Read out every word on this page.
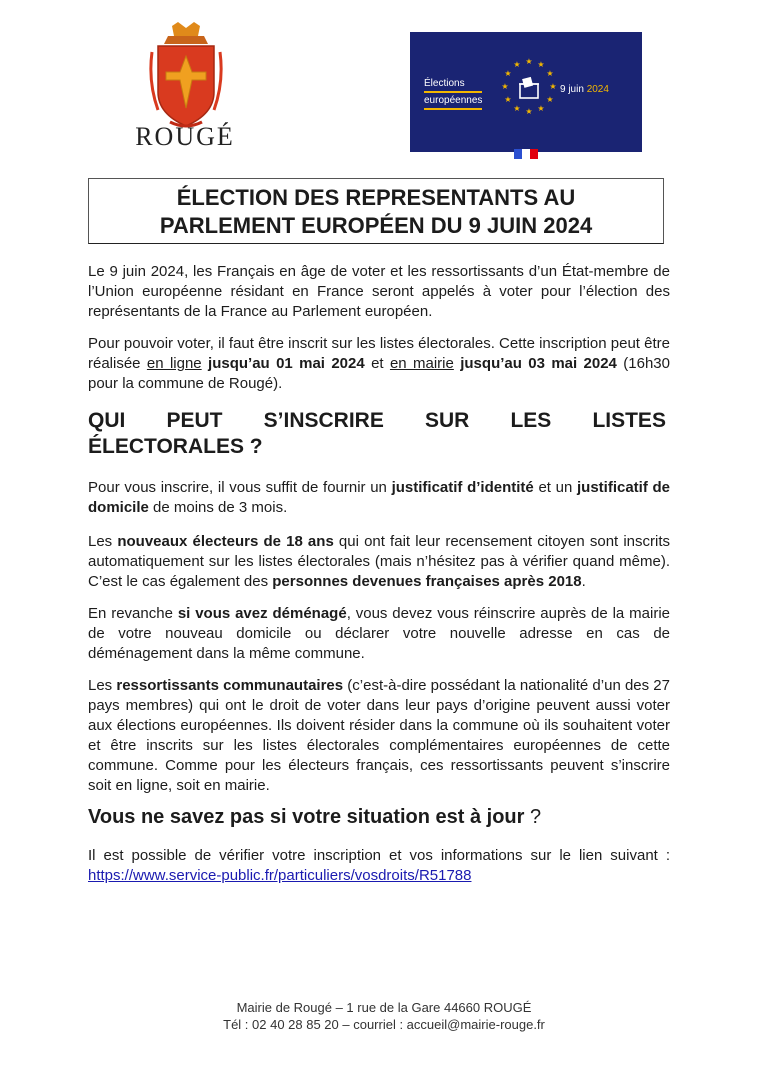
ROUGÉ
Élections
européennes
★ ★
★
★
★
★
★
★
★
★
★
★
9 juin 2024
ÉLECTION DES REPRESENTANTS AU
PARLEMENT EUROPÉEN DU 9 JUIN 2024
Le 9 juin 2024, les Français en âge de voter et les ressortissants d’un État-membre de l’Union européenne résidant en France seront appelés à voter pour l’élection des représentants de la France au Parlement européen.
Pour pouvoir voter, il faut être inscrit sur les listes électorales. Cette inscription peut être réalisée en ligne jusqu’au 01 mai 2024 et en mairie jusqu’au 03 mai 2024 (16h30 pour la commune de Rougé).
QUI PEUT S’INSCRIRE SUR LES LISTES
ÉLECTORALES ?
Pour vous inscrire, il vous suffit de fournir un justificatif d’identité et un justificatif de domicile de moins de 3 mois.
Les nouveaux électeurs de 18 ans qui ont fait leur recensement citoyen sont inscrits automatiquement sur les listes électorales (mais n’hésitez pas à vérifier quand même). C’est le cas également des personnes devenues françaises après 2018.
En revanche si vous avez déménagé, vous devez vous réinscrire auprès de la mairie de votre nouveau domicile ou déclarer votre nouvelle adresse en cas de déménagement dans la même commune.
Les ressortissants communautaires (c’est-à-dire possédant la nationalité d’un des 27 pays membres) qui ont le droit de voter dans leur pays d’origine peuvent aussi voter aux élections européennes. Ils doivent résider dans la commune où ils souhaitent voter et être inscrits sur les listes électorales complémentaires européennes de cette commune. Comme pour les électeurs français, ces ressortissants peuvent s’inscrire soit en ligne, soit en mairie.
Vous ne savez pas si votre situation est à jour ?
Il est possible de vérifier votre inscription et vos informations sur le lien suivant : https://www.service-public.fr/particuliers/vosdroits/R51788
Mairie de Rougé – 1 rue de la Gare 44660 ROUGÉ
Tél : 02 40 28 85 20 – courriel : accueil@mairie-rouge.fr
